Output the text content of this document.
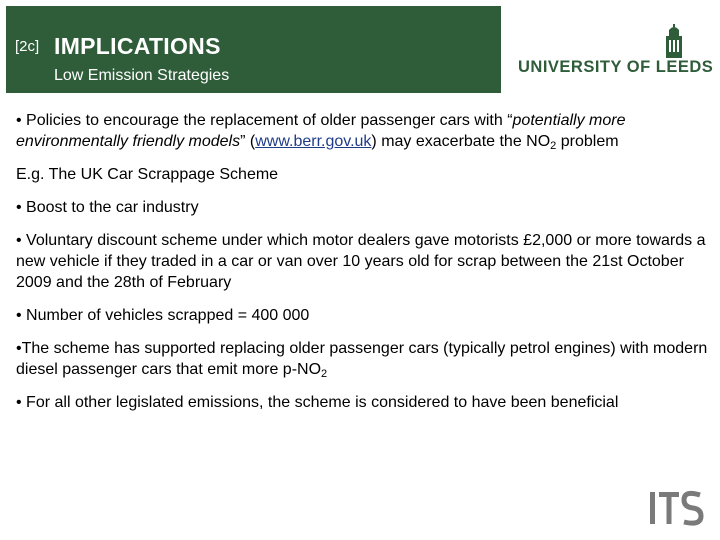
[2c] IMPLICATIONS
Low Emission Strategies	UNIVERSITY OF LEEDS

• Policies to encourage the replacement of older passenger cars with “potentially more environmentally friendly models” (www.berr.gov.uk) may exacerbate the $NO_2$ problem

E.g. The UK Car Scrappage Scheme

• Boost to the car industry

• Voluntary discount scheme under which motor dealers gave motorists £2,000 or more towards a new vehicle if they traded in a car or van over 10 years old for scrap between the 21st October 2009 and the 28th of February

• Number of vehicles scrapped = 400 000

•The scheme has supported replacing older passenger cars (typically petrol engines) with modern diesel passenger cars that emit more $p-NO_2$

• For all other legislated emissions, the scheme is considered to have been beneficial
